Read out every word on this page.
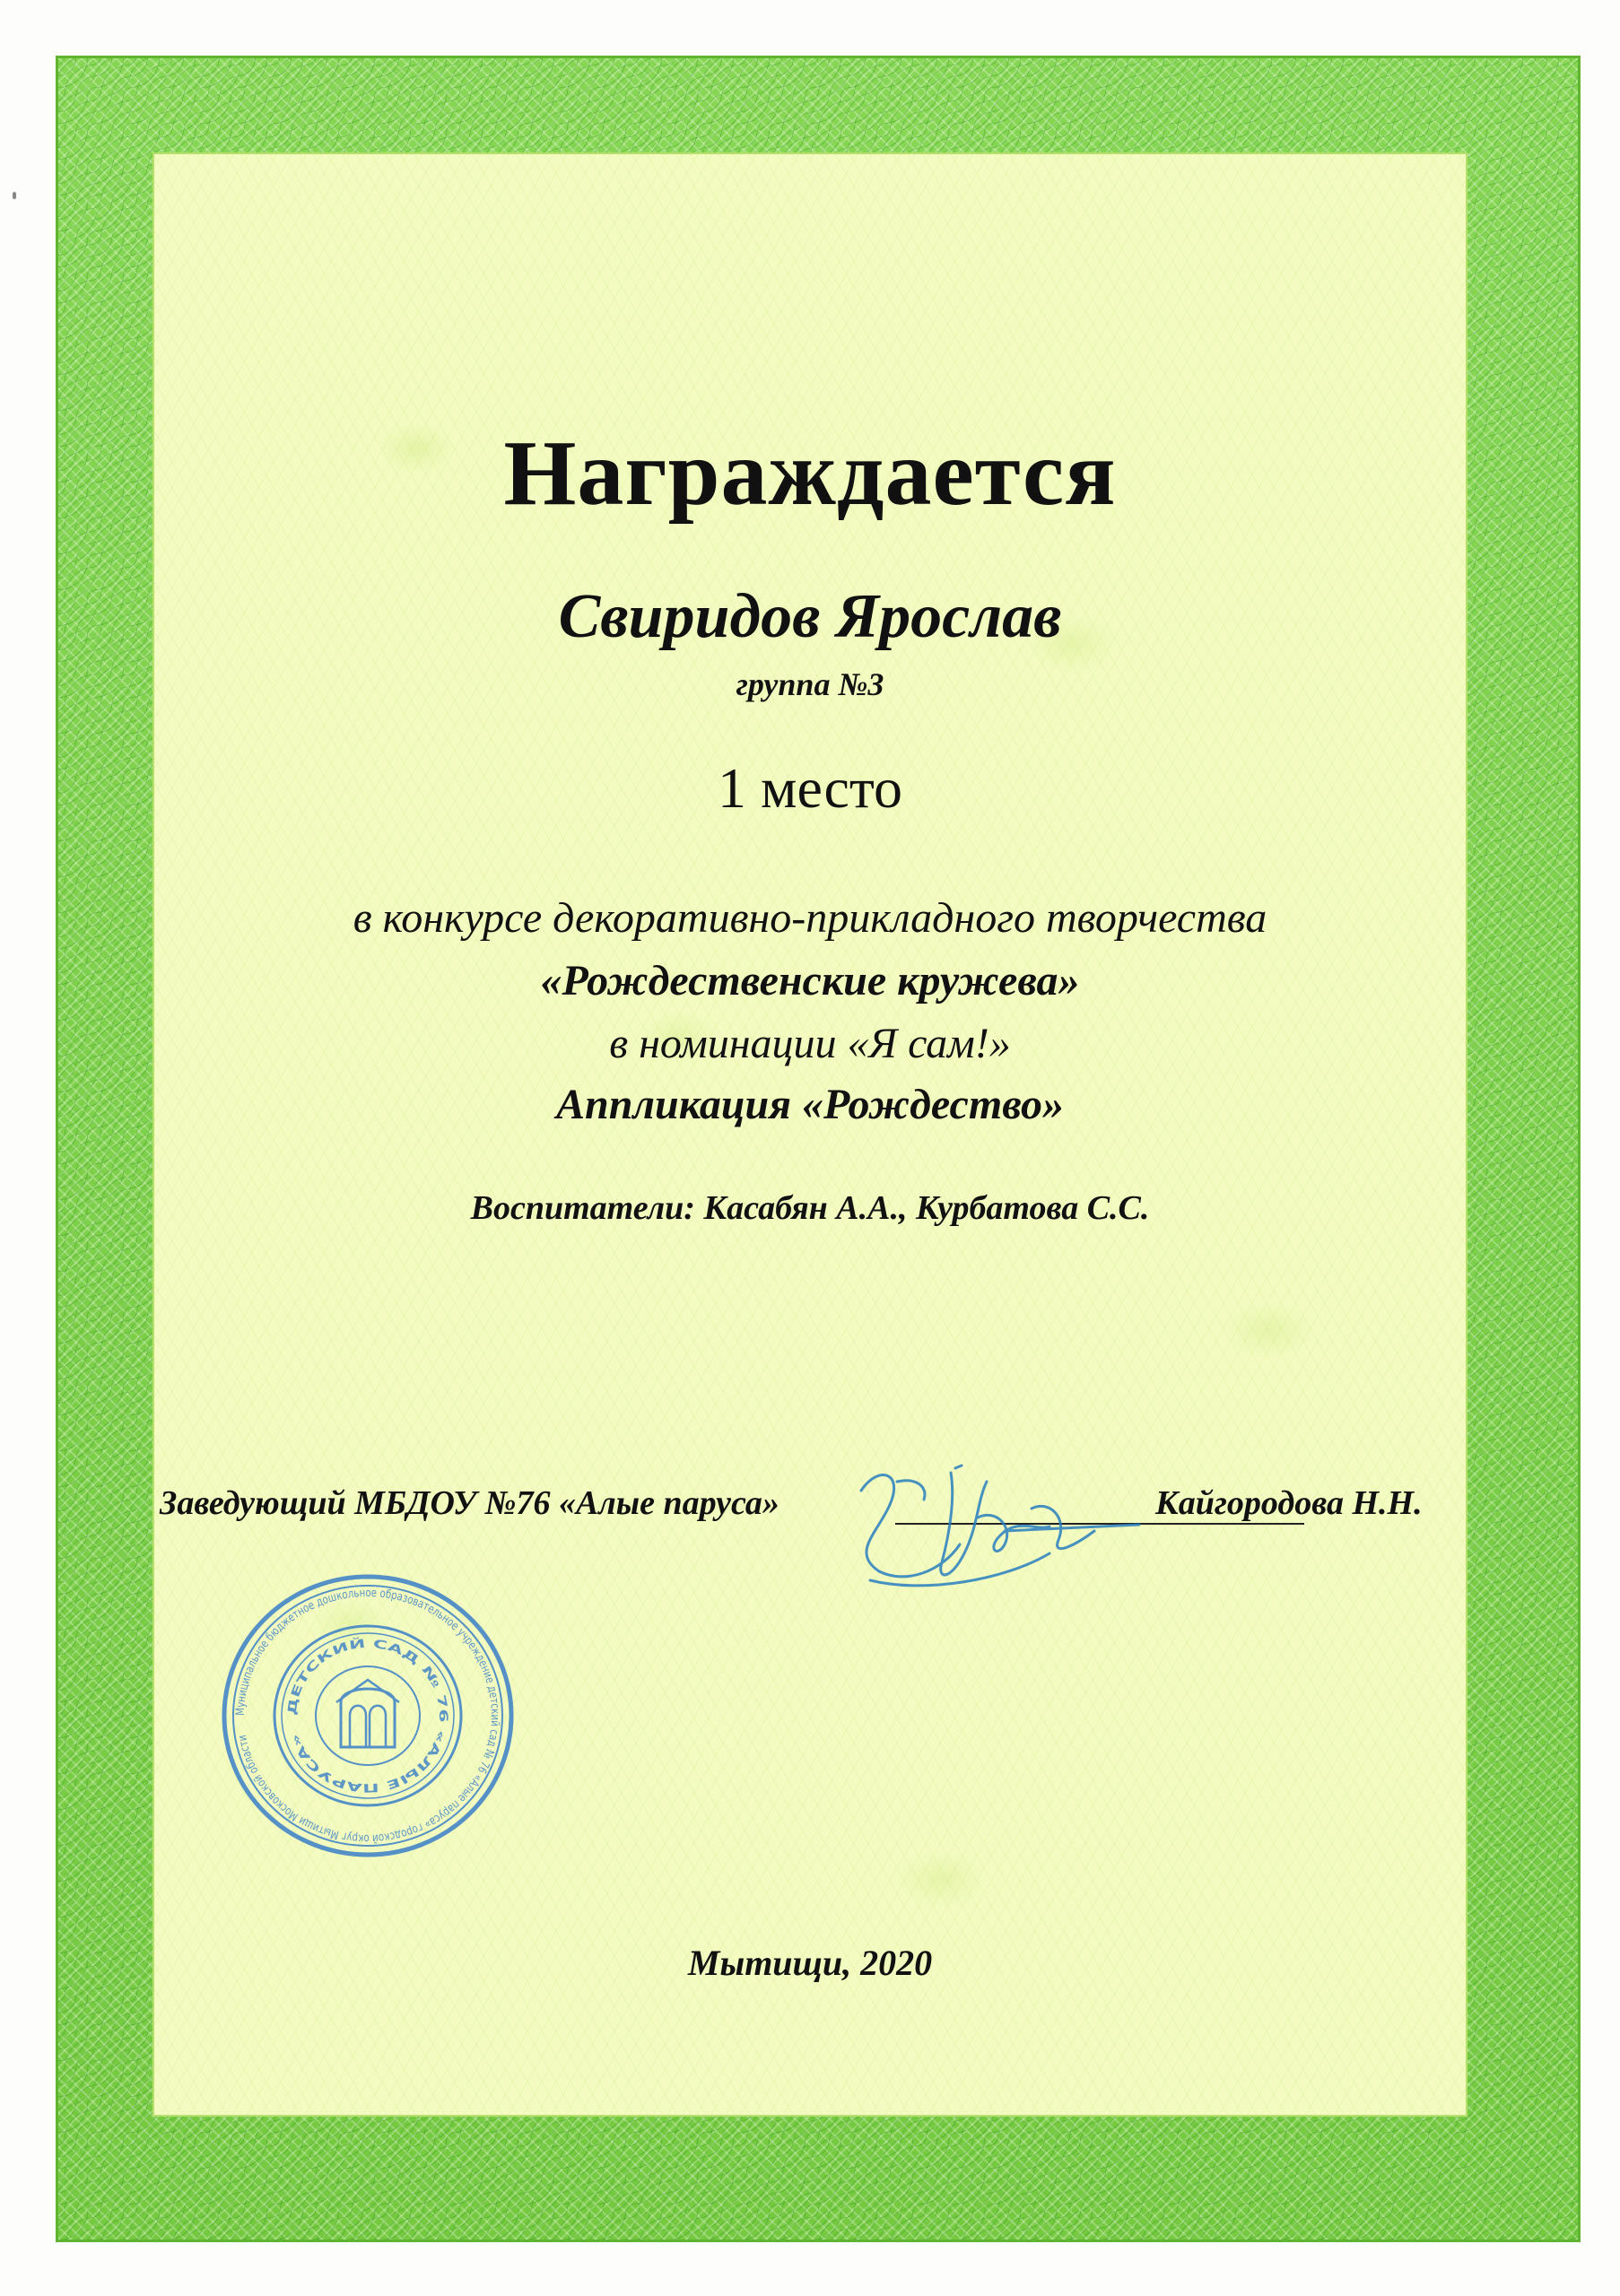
Награждается

Свиридов Ярослав

группа №3

1 место

в конкурсе декоративно-прикладного творчества

«Рождественские кружева»

в номинации «Я сам!»

Аппликация «Рождество»

Воспитатели: Касабян А.А., Курбатова С.С.

Заведующий МБДОУ №76 «Алые паруса»	Кайгородова Н.Н.
Муниципальное бюджетное дошкольное образовательное учреждение детский сад № 76 «Алые паруса» городской округ Мытищи Московской области
ДЕТСКИЙ САД № 76 «АЛЫЕ ПАРУСА»

Мытищи, 2020
